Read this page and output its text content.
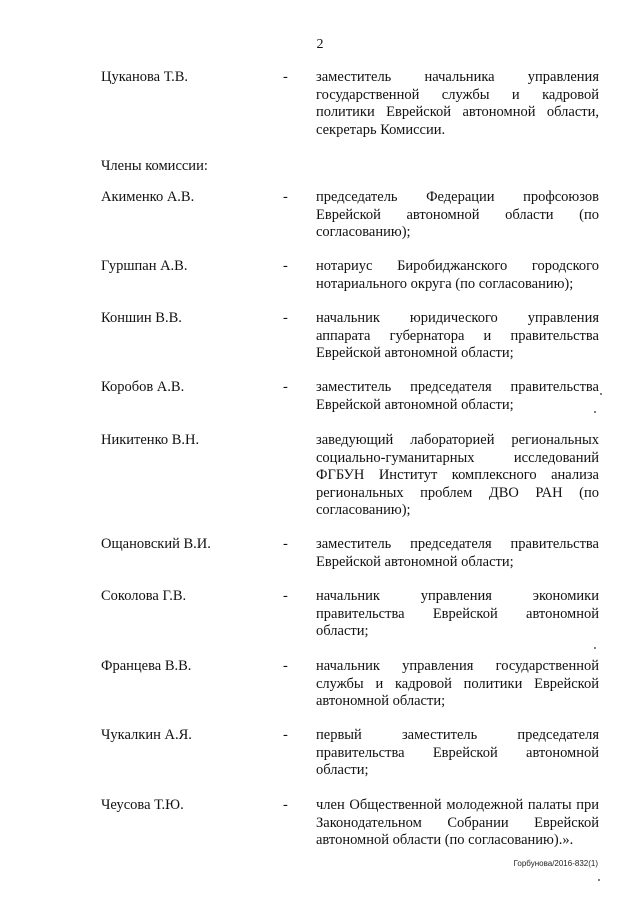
2
Цуканова Т.В.	- заместитель начальника управления государственной службы и кадровой политики Еврейской автономной области, секретарь Комиссии.
Члены комиссии:
Акименко А.В.	- председатель Федерации профсоюзов Еврейской автономной области (по согласованию);
Гуршпан А.В.	- нотариус Биробиджанского городского нотариального округа (по согласованию);
Коншин В.В.	- начальник юридического управления аппарата губернатора и правительства Еврейской автономной области;
Коробов А.В.	- заместитель председателя правительства Еврейской автономной области;
Никитенко В.Н.	заведующий лабораторией региональных социально-гуманитарных исследований ФГБУН Институт комплексного анализа региональных проблем ДВО РАН (по согласованию);
Ощановский В.И.	- заместитель председателя правительства Еврейской автономной области;
Соколова Г.В.	- начальник управления экономики правительства Еврейской автономной области;
Францева В.В.	- начальник управления государственной службы и кадровой политики Еврейской автономной области;
Чукалкин А.Я.	- первый заместитель председателя правительства Еврейской автономной области;
Чеусова Т.Ю.	- член Общественной молодежной палаты при Законодательном Собрании Еврейской автономной области (по согласованию).».
Горбунова/2016-832(1)
